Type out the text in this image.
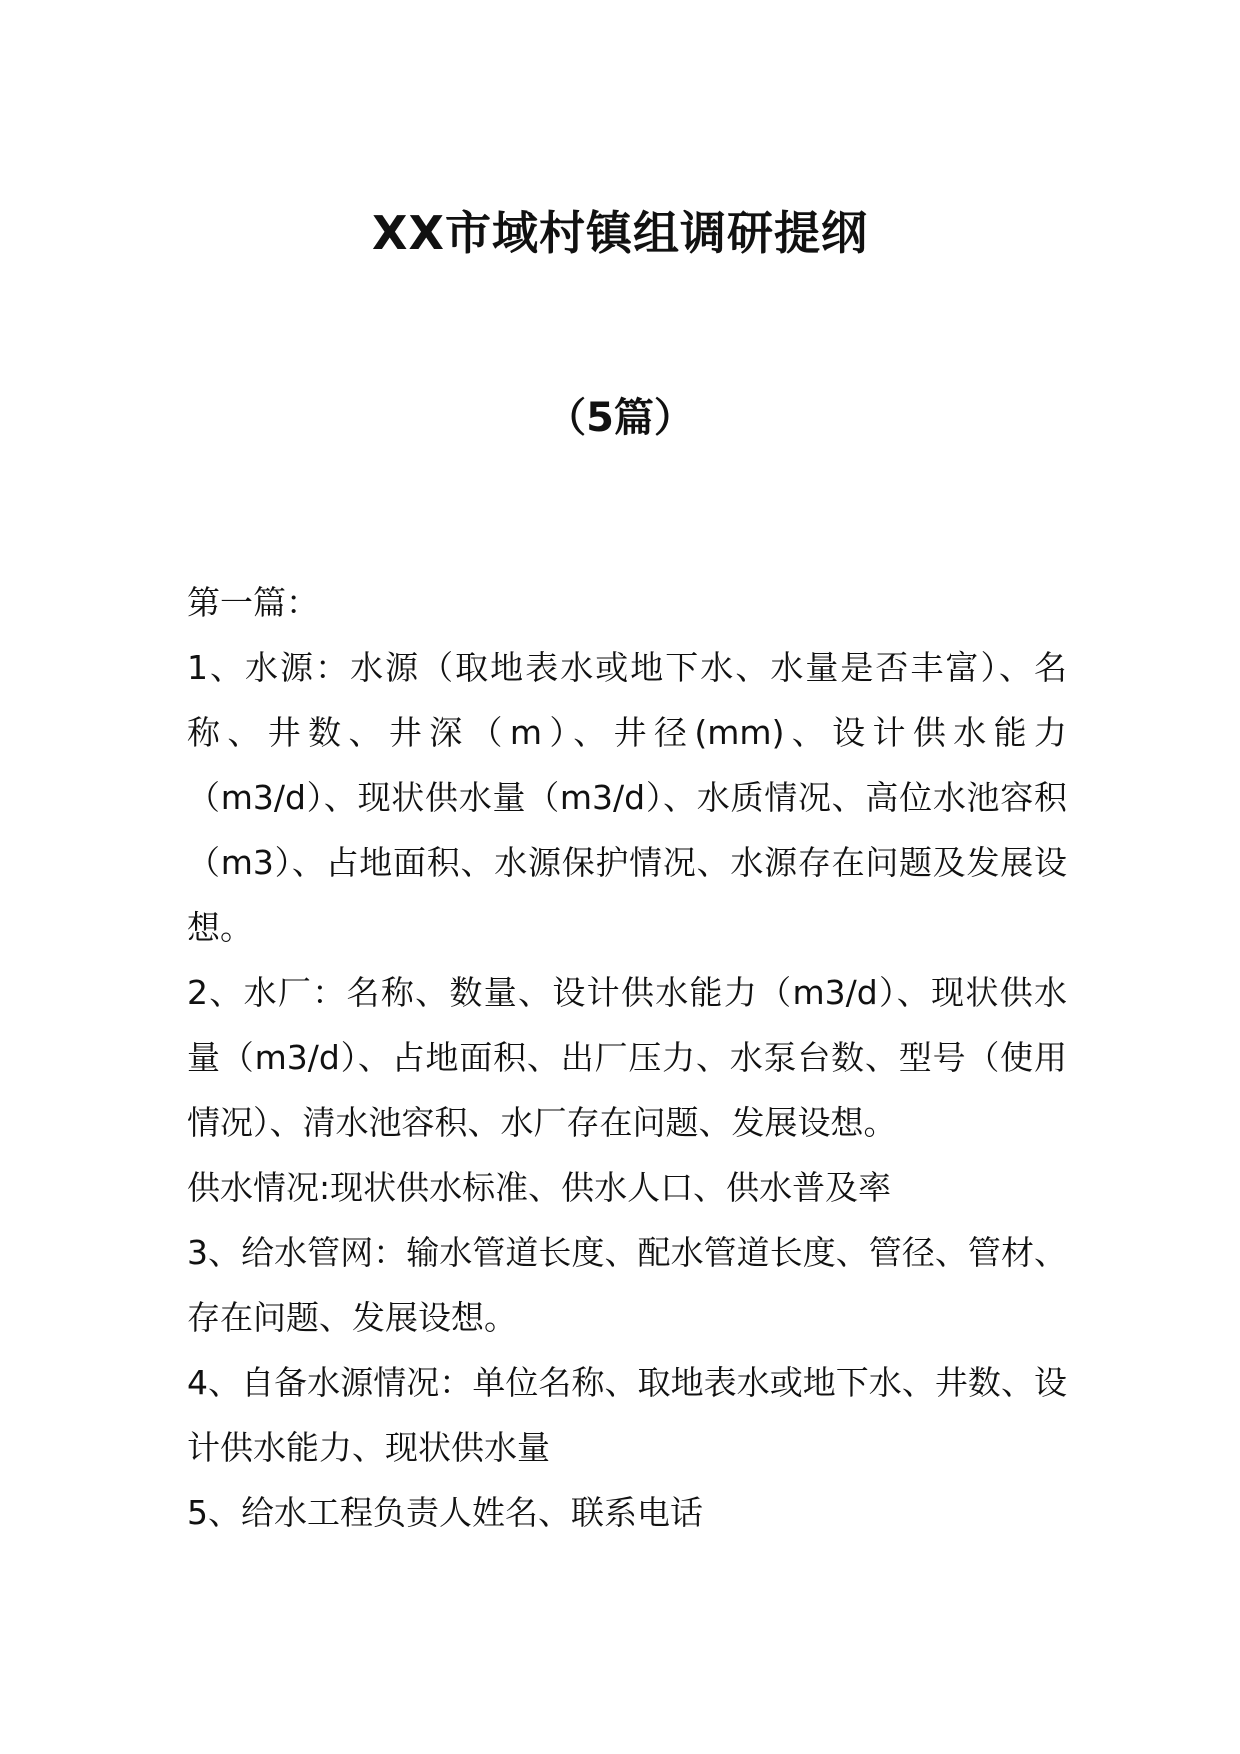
XX市域村镇组调研提纲
（5篇）

第一篇：

1、水源：水源（取地表水或地下水、水量是否丰富）、名称、井数、井深（m）、井径(mm)、设计供水能力（m3/d）、现状供水量（m3/d）、水质情况、高位水池容积（m3）、占地面积、水源保护情况、水源存在问题及发展设想。

2、水厂：名称、数量、设计供水能力（m3/d）、现状供水量（m3/d）、占地面积、出厂压力、水泵台数、型号（使用情况）、清水池容积、水厂存在问题、发展设想。

供水情况:现状供水标准、供水人口、供水普及率

3、给水管网：输水管道长度、配水管道长度、管径、管材、存在问题、发展设想。

4、自备水源情况：单位名称、取地表水或地下水、井数、设计供水能力、现状供水量

5、给水工程负责人姓名、联系电话
